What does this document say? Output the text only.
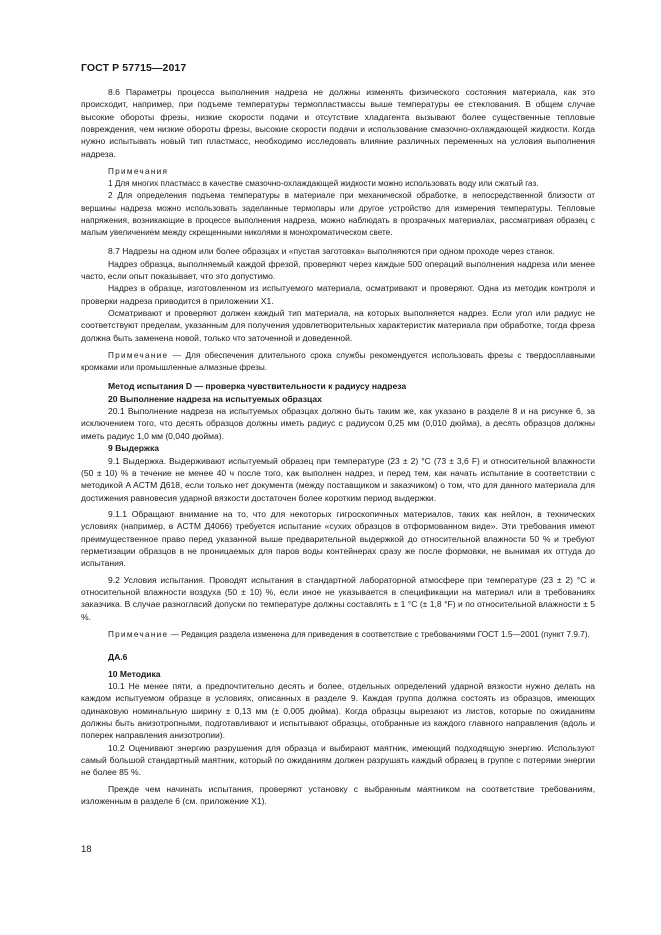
ГОСТ Р 57715—2017

8.6 Параметры процесса выполнения надреза не должны изменять физического состояния материала, как это происходит, например, при подъеме температуры термопластмассы выше температуры ее стеклования. В общем случае высокие обороты фрезы, низкие скорости подачи и отсутствие хладагента вызывают более существенные тепловые повреждения, чем низкие обороты фрезы, высокие скорости подачи и использование смазочно-охлаждающей жидкости. Когда нужно испытывать новый тип пластмасс, необходимо исследовать влияние различных переменных на условия выполнения надреза.

Примечания

1 Для многих пластмасс в качестве смазочно-охлаждающей жидкости можно использовать воду или сжатый газ.

2 Для определения подъема температуры в материале при механической обработке, в непосредственной близости от вершины надреза можно использовать заделанные термопары или другое устройство для измерения температуры. Тепловые напряжения, возникающие в процессе выполнения надреза, можно наблюдать в прозрачных материалах, рассматривая образец с малым увеличением между скрещенными николями в монохроматическом свете.

8.7 Надрезы на одном или более образцах и «пустая заготовка» выполняются при одном проходе через станок.

Надрез образца, выполняемый каждой фрезой, проверяют через каждые 500 операций выполнения надреза или менее часто, если опыт показывает, что это допустимо.

Надрез в образце, изготовленном из испытуемого материала, осматривают и проверяют. Одна из методик контроля и проверки надреза приводится в приложении X1.

Осматривают и проверяют должен каждый тип материала, на которых выполняется надрез. Если угол или радиус не соответствуют пределам, указанным для получения удовлетворительных характеристик материала при обработке, тогда фреза должна быть заменена новой, только что заточенной и доведенной.

Примечание — Для обеспечения длительного срока службы рекомендуется использовать фрезы с твердосплавными кромками или промышленные алмазные фрезы.

Метод испытания D — проверка чувствительности к радиусу надреза

20 Выполнение надреза на испытуемых образцах

20.1 Выполнение надреза на испытуемых образцах должно быть таким же, как указано в разделе 8 и на рисунке 6, за исключением того, что десять образцов должны иметь радиус с радиусом 0,25 мм (0,010 дюйма), а десять образцов должны иметь радиус 1,0 мм (0,040 дюйма).

9 Выдержка

9.1 Выдержка. Выдерживают испытуемый образец при температуре (23 ± 2) °С (73 ± 3,6 F) и относительной влажности (50 ± 10) % в течение не менее 40 ч после того, как выполнен надрез, и перед тем, как начать испытание в соответствии с методикой A ACTM Д618, если только нет документа (между поставщиком и заказчиком) о том, что для данного материала для достижения равновесия ударной вязкости достаточен более коротким период выдержки.

9.1.1 Обращают внимание на то, что для некоторых гигроскопичных материалов, таких как нейлон, в технических условиях (например, в ACTM Д4066) требуется испытание «сухих образцов в отформованном виде». Эти требования имеют преимущественное право перед указанной выше предварительной выдержкой до относительной влажности 50 % и требуют герметизации образцов в не проницаемых для паров воды контейнерах сразу же после формовки, не вынимая их оттуда до испытания.

9.2 Условия испытания. Проводят испытания в стандартной лабораторной атмосфере при температуре (23 ± 2) °С и относительной влажности воздуха (50 ± 10) %, если иное не указывается в спецификации на материал или в требованиях заказчика. В случае разногласий допуски по температуре должны составлять ± 1 °С (± 1,8 °F) и по относительной влажности ± 5 %.

Примечание — Редакция раздела изменена для приведения в соответствие с требованиями ГОСТ 1.5—2001 (пункт 7.9.7).

ДА.6

10 Методика

10.1 Не менее пяти, а предпочтительно десять и более, отдельных определений ударной вязкости нужно делать на каждом испытуемом образце в условиях, описанных в разделе 9. Каждая группа должна состоять из образцов, имеющих одинаковую номинальную ширину ± 0,13 мм (± 0,005 дюйма). Когда образцы вырезают из листов, которые по ожиданиям должны быть анизотропными, подготавливают и испытывают образцы, отобранные из каждого главного направления (вдоль и поперек направления анизотропии).

10.2 Оценивают энергию разрушения для образца и выбирают маятник, имеющий подходящую энергию. Используют самый большой стандартный маятник, который по ожиданиям должен разрушать каждый образец в группе с потерями энергии не более 85 %.

Прежде чем начинать испытания, проверяют установку с выбранным маятником на соответствие требованиям, изложенным в разделе 6 (см. приложение X1).

18
